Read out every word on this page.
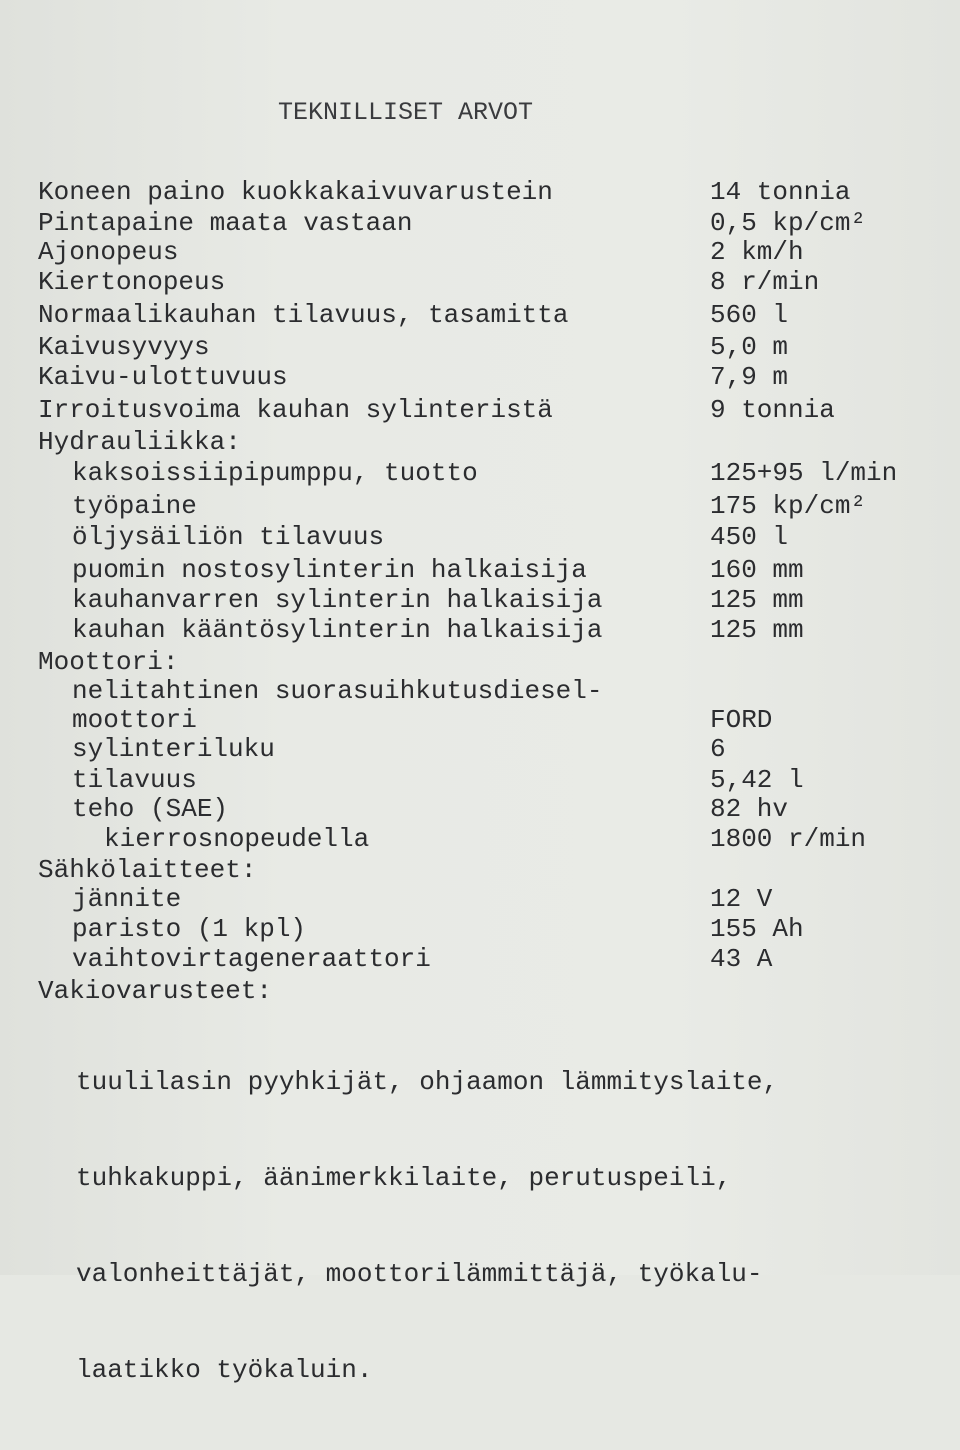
TEKNILLISET ARVOT
Koneen paino kuokkakaivuvarustein	14 tonnia
Pintapaine maata vastaan	0,5 kp/cm²
Ajonopeus	2 km/h
Kiertonopeus	8 r/min
Normaalikauhan tilavuus, tasamitta	560 l
Kaivusyvyys	5,0 m
Kaivu-ulottuvuus	7,9 m
Irroitusvoima kauhan sylinteristä	9 tonnia
Hydrauliikka:
kaksoissiipipumppu, tuotto	125+95 l/min
työpaine	175 kp/cm²
öljysäiliön tilavuus	450 l
puomin nostosylinterin halkaisija	160 mm
kauhanvarren sylinterin halkaisija	125 mm
kauhan kääntösylinterin halkaisija	125 mm
Moottori:
nelitahtinen suorasuihkutusdiesel-
moottori	FORD
sylinteriluku	6
tilavuus	5,42 l
teho (SAE)	82 hv
kierrosnopeudella	1800 r/min
Sähkölaitteet:
jännite	12 V
paristo (1 kpl)	155 Ah
vaihtovirtageneraattori	43 A
Vakiovarusteet:

tuulilasin pyyhkijät, ohjaamon lämmityslaite,

tuhkakuppi, äänimerkkilaite, perutuspeili,

valonheittäjät, moottorilämmittäjä, työkalu-

laatikko työkaluin.
